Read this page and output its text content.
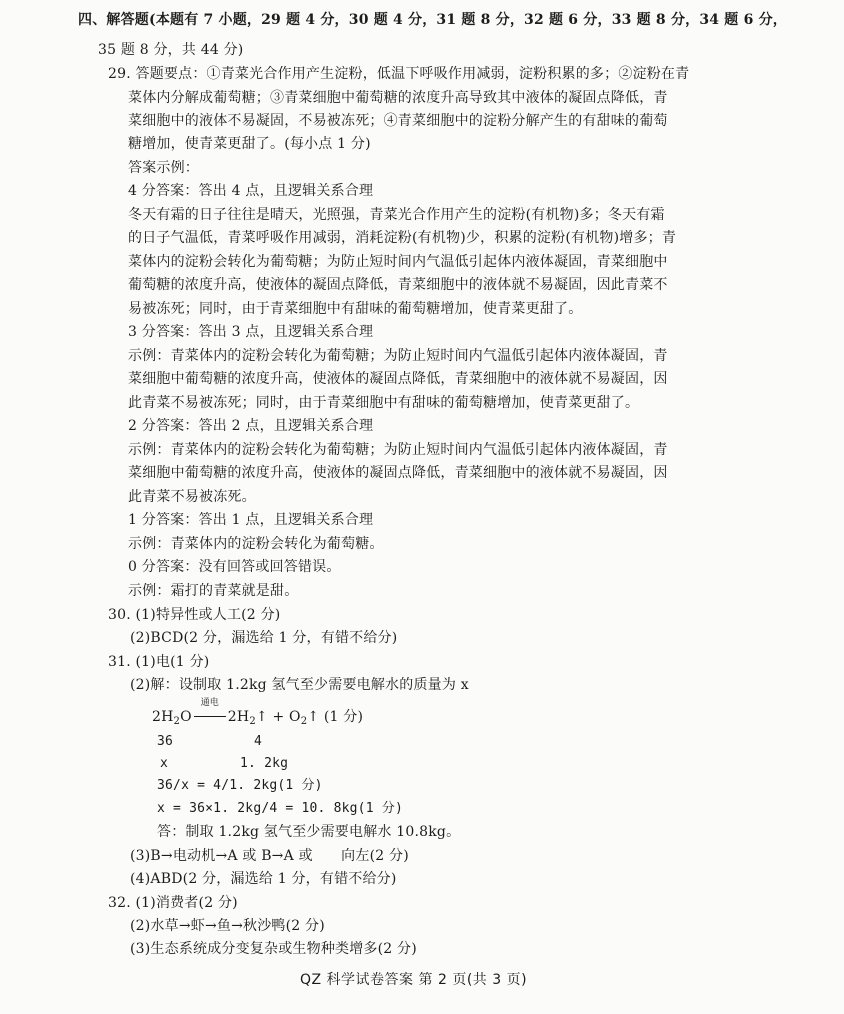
四、解答题(本题有 7 小题，29 题 4 分，30 题 4 分，31 题 8 分，32 题 6 分，33 题 8 分，34 题 6 分，
35 题 8 分，共 44 分)
29. 答题要点：①青菜光合作用产生淀粉，低温下呼吸作用减弱，淀粉积累的多；②淀粉在青
菜体内分解成葡萄糖；③青菜细胞中葡萄糖的浓度升高导致其中液体的凝固点降低，青
菜细胞中的液体不易凝固，不易被冻死；④青菜细胞中的淀粉分解产生的有甜味的葡萄
糖增加，使青菜更甜了。(每小点 1 分)
答案示例：
4 分答案：答出 4 点，且逻辑关系合理
冬天有霜的日子往往是晴天，光照强，青菜光合作用产生的淀粉(有机物)多；冬天有霜
的日子气温低，青菜呼吸作用减弱，消耗淀粉(有机物)少，积累的淀粉(有机物)增多；青
菜体内的淀粉会转化为葡萄糖；为防止短时间内气温低引起体内液体凝固，青菜细胞中
葡萄糖的浓度升高，使液体的凝固点降低，青菜细胞中的液体就不易凝固，因此青菜不
易被冻死；同时，由于青菜细胞中有甜味的葡萄糖增加，使青菜更甜了。
3 分答案：答出 3 点，且逻辑关系合理
示例：青菜体内的淀粉会转化为葡萄糖；为防止短时间内气温低引起体内液体凝固，青
菜细胞中葡萄糖的浓度升高，使液体的凝固点降低，青菜细胞中的液体就不易凝固，因
此青菜不易被冻死；同时，由于青菜细胞中有甜味的葡萄糖增加，使青菜更甜了。
2 分答案：答出 2 点，且逻辑关系合理
示例：青菜体内的淀粉会转化为葡萄糖；为防止短时间内气温低引起体内液体凝固，青
菜细胞中葡萄糖的浓度升高，使液体的凝固点降低，青菜细胞中的液体就不易凝固，因
此青菜不易被冻死。
1 分答案：答出 1 点，且逻辑关系合理
示例：青菜体内的淀粉会转化为葡萄糖。
0 分答案：没有回答或回答错误。
示例：霜打的青菜就是甜。
30. (1)特异性或人工(2 分)
(2)BCD(2 分，漏选给 1 分，有错不给分)
31. (1)电(1 分)
(2)解：设制取 1.2kg 氢气至少需要电解水的质量为 x
$2H_2O$
通电
$2H_2↑$ + $O_2↑$ (1 分)
36	4
x	1. 2kg
36/x = 4/1. 2kg(1 分)
x = 36×1. 2kg/4 = 10. 8kg(1 分)
答：制取 1.2kg 氢气至少需要电解水 10.8kg。
(3)B→电动机→A 或 B→A 或　　向左(2 分)
(4)ABD(2 分，漏选给 1 分，有错不给分)
32. (1)消费者(2 分)
(2)水草→虾→鱼→秋沙鸭(2 分)
(3)生态系统成分变复杂或生物种类增多(2 分)
QZ 科学试卷答案 第 2 页(共 3 页)
